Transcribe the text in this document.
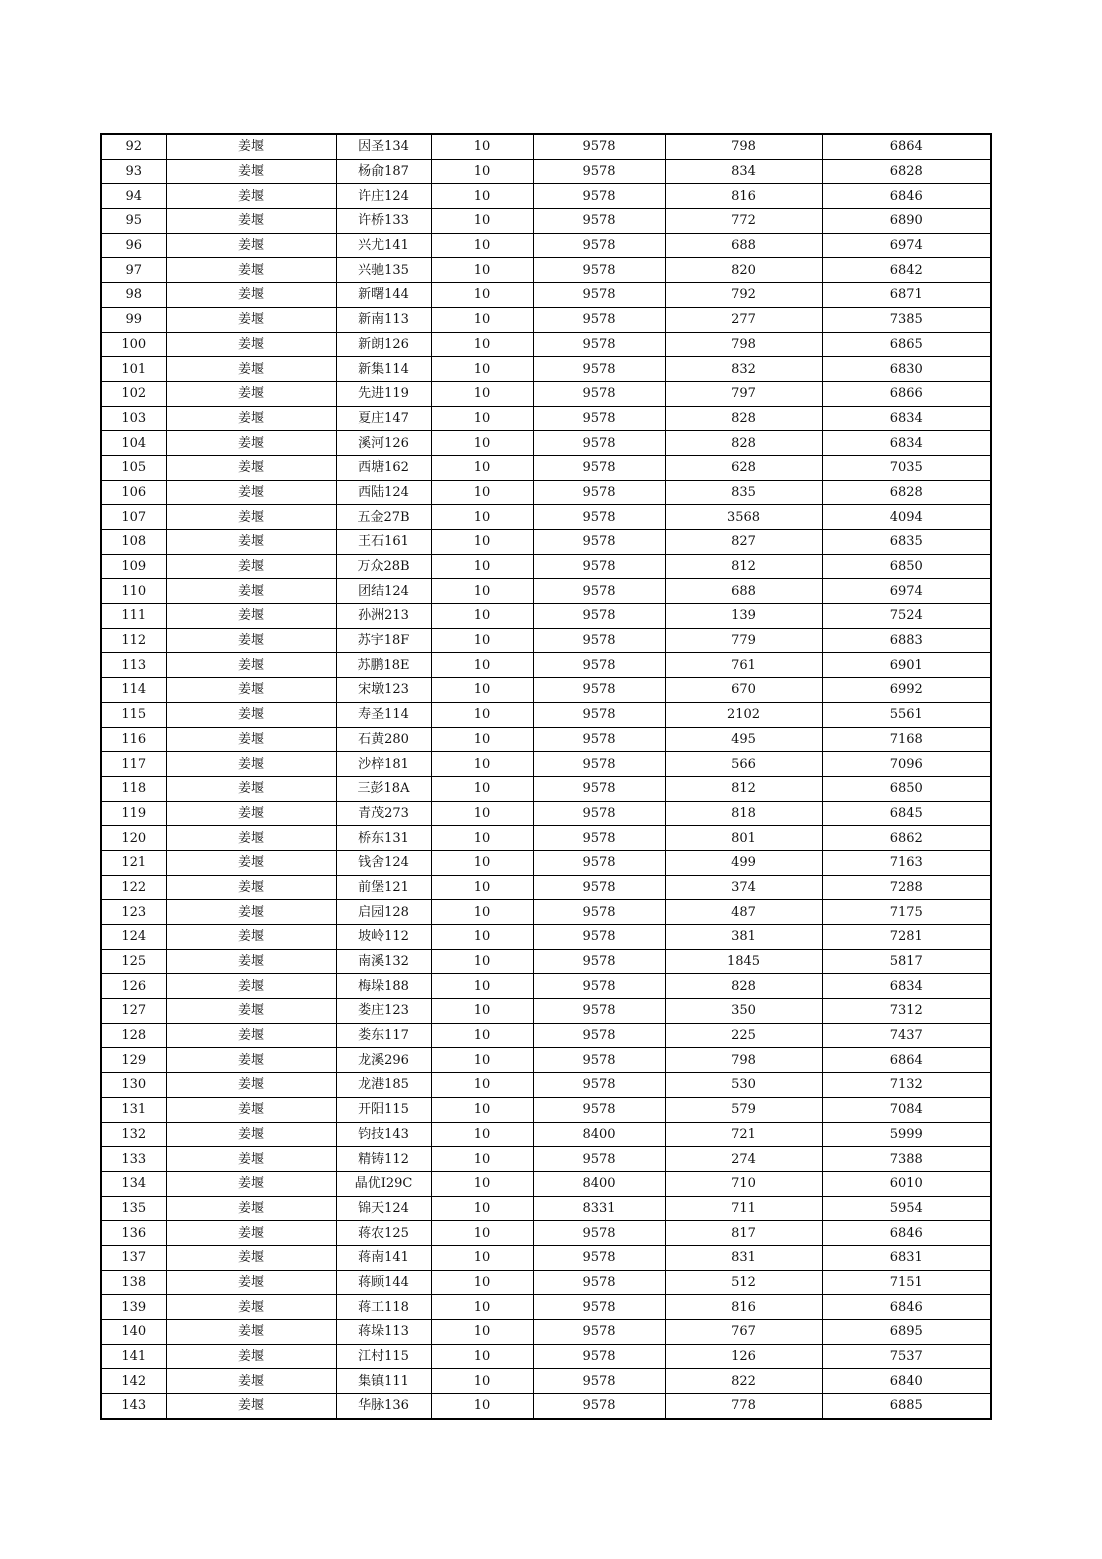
92	姜堰	因圣134	10	9578	798	6864
93	姜堰	杨俞187	10	9578	834	6828
94	姜堰	许庄124	10	9578	816	6846
95	姜堰	许桥133	10	9578	772	6890
96	姜堰	兴尤141	10	9578	688	6974
97	姜堰	兴驰135	10	9578	820	6842
98	姜堰	新曙144	10	9578	792	6871
99	姜堰	新南113	10	9578	277	7385
100	姜堰	新朗126	10	9578	798	6865
101	姜堰	新集114	10	9578	832	6830
102	姜堰	先进119	10	9578	797	6866
103	姜堰	夏庄147	10	9578	828	6834
104	姜堰	溪河126	10	9578	828	6834
105	姜堰	西塘162	10	9578	628	7035
106	姜堰	西陆124	10	9578	835	6828
107	姜堰	五金27B	10	9578	3568	4094
108	姜堰	王石161	10	9578	827	6835
109	姜堰	万众28B	10	9578	812	6850
110	姜堰	团结124	10	9578	688	6974
111	姜堰	孙洲213	10	9578	139	7524
112	姜堰	苏宇18F	10	9578	779	6883
113	姜堰	苏鹏18E	10	9578	761	6901
114	姜堰	宋墩123	10	9578	670	6992
115	姜堰	寿圣114	10	9578	2102	5561
116	姜堰	石黄280	10	9578	495	7168
117	姜堰	沙梓181	10	9578	566	7096
118	姜堰	三彭18A	10	9578	812	6850
119	姜堰	青茂273	10	9578	818	6845
120	姜堰	桥东131	10	9578	801	6862
121	姜堰	钱舍124	10	9578	499	7163
122	姜堰	前堡121	10	9578	374	7288
123	姜堰	启园128	10	9578	487	7175
124	姜堰	坡岭112	10	9578	381	7281
125	姜堰	南溪132	10	9578	1845	5817
126	姜堰	梅垛188	10	9578	828	6834
127	姜堰	娄庄123	10	9578	350	7312
128	姜堰	娄东117	10	9578	225	7437
129	姜堰	龙溪296	10	9578	798	6864
130	姜堰	龙港185	10	9578	530	7132
131	姜堰	开阳115	10	9578	579	7084
132	姜堰	钧技143	10	8400	721	5999
133	姜堰	精铸112	10	9578	274	7388
134	姜堰	晶优I29C	10	8400	710	6010
135	姜堰	锦天124	10	8331	711	5954
136	姜堰	蒋农125	10	9578	817	6846
137	姜堰	蒋南141	10	9578	831	6831
138	姜堰	蒋顾144	10	9578	512	7151
139	姜堰	蒋工118	10	9578	816	6846
140	姜堰	蒋垛113	10	9578	767	6895
141	姜堰	江村115	10	9578	126	7537
142	姜堰	集镇111	10	9578	822	6840
143	姜堰	华脉136	10	9578	778	6885
